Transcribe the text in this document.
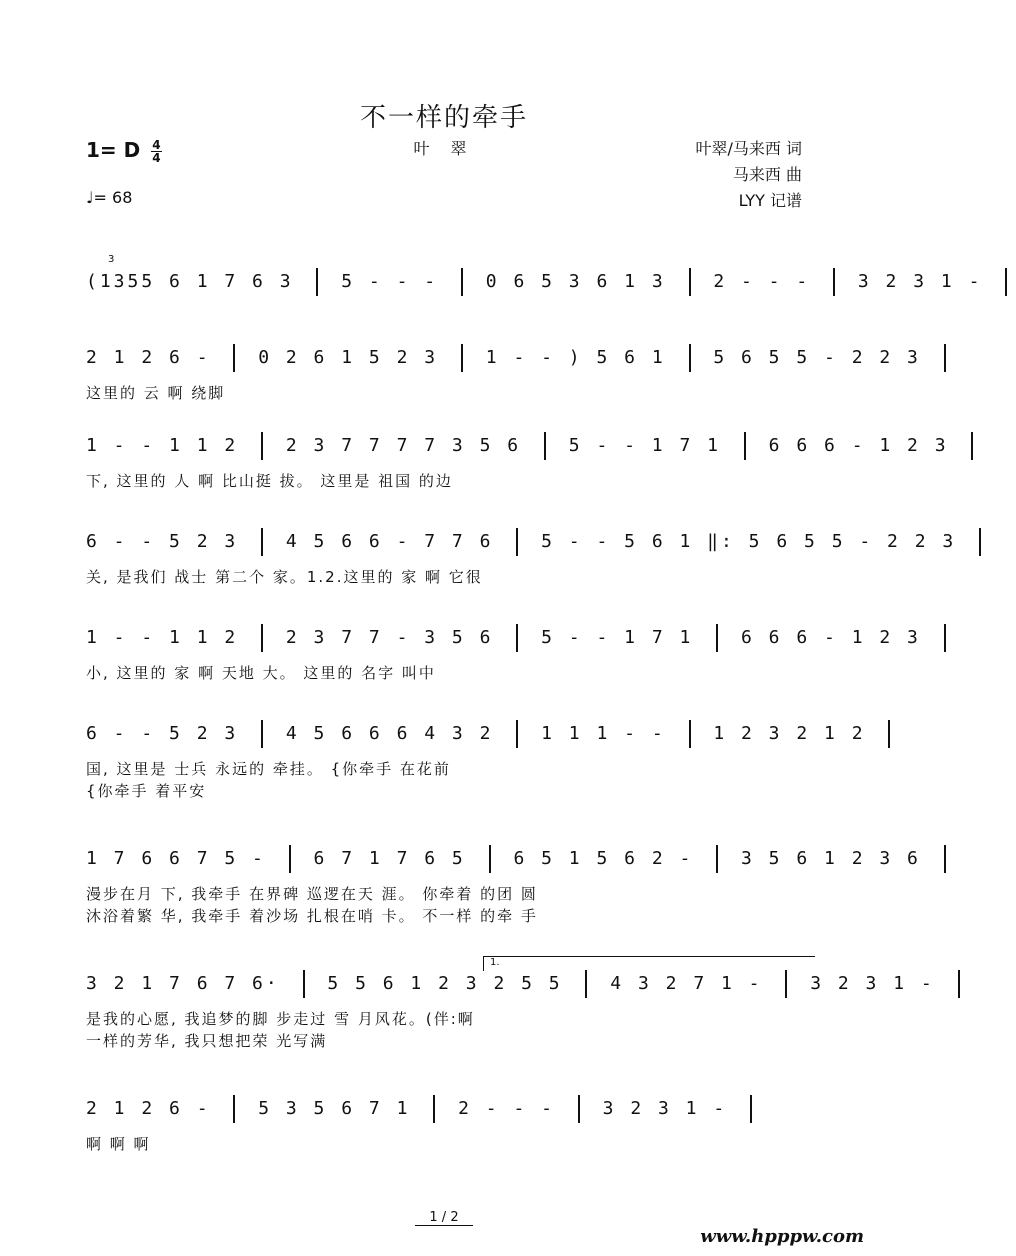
不一样的牵手
1= D $\frac{4}{4}$	叶 翠	叶翠/马来西 词
马来西 曲
LYY 记谱
♩= 68
(1355 6 1 7 6 3  5 - - -  0 6 5 3 6 1 3  2 - - -  3 2 3 1 -
3
2 1 2 6 -  0 2 6 1 5 2 3  1 - - ) 5 6 1  5 6 5 5 - 2 2 3
这里的 云 啊 绕脚
1 - - 1 1 2  2 3 7 7 7 7 3 5 6  5 - - 1 7 1  6 6 6 - 1 2 3
下, 这里的 人 啊 比山挺 拔。 这里是 祖国 的边
6 - - 5 2 3  4 5 6 6 - 7 7 6  5 - - 5 6 1 ‖: 5 6 5 5 - 2 2 3
关, 是我们 战士 第二个 家。1.2.这里的 家 啊 它很
1 - - 1 1 2  2 3 7 7 - 3 5 6  5 - - 1 7 1  6 6 6 - 1 2 3
小, 这里的 家 啊 天地 大。 这里的 名字 叫中
6 - - 5 2 3  4 5 6 6 6 4 3 2  1 1 1 - -  1 2 3 2 1 2
国, 这里是 士兵 永远的 牵挂。 {你牵手 在花前
{你牵手 着平安
1 7 6 6 7 5 -  6 7 1 7 6 5  6 5 1 5 6 2 -  3 5 6 1 2 3 6
漫步在月 下, 我牵手 在界碑 巡逻在天 涯。 你牵着 的团 圆
沐浴着繁 华, 我牵手 着沙场 扎根在哨 卡。 不一样 的牵 手
3 2 1 7 6 7 6·  5 5 6 1 2 3 2 5 5  4 3 2 7 1 -  3 2 3 1 -
是我的心愿, 我追梦的脚 步走过 雪 月风花。(伴:啊
一样的芳华, 我只想把荣 光写满
1.
2 1 2 6 -  5 3 5 6 7 1  2 - - -  3 2 3 1 -
啊 啊 啊
1 / 2
www.hpppw.com
